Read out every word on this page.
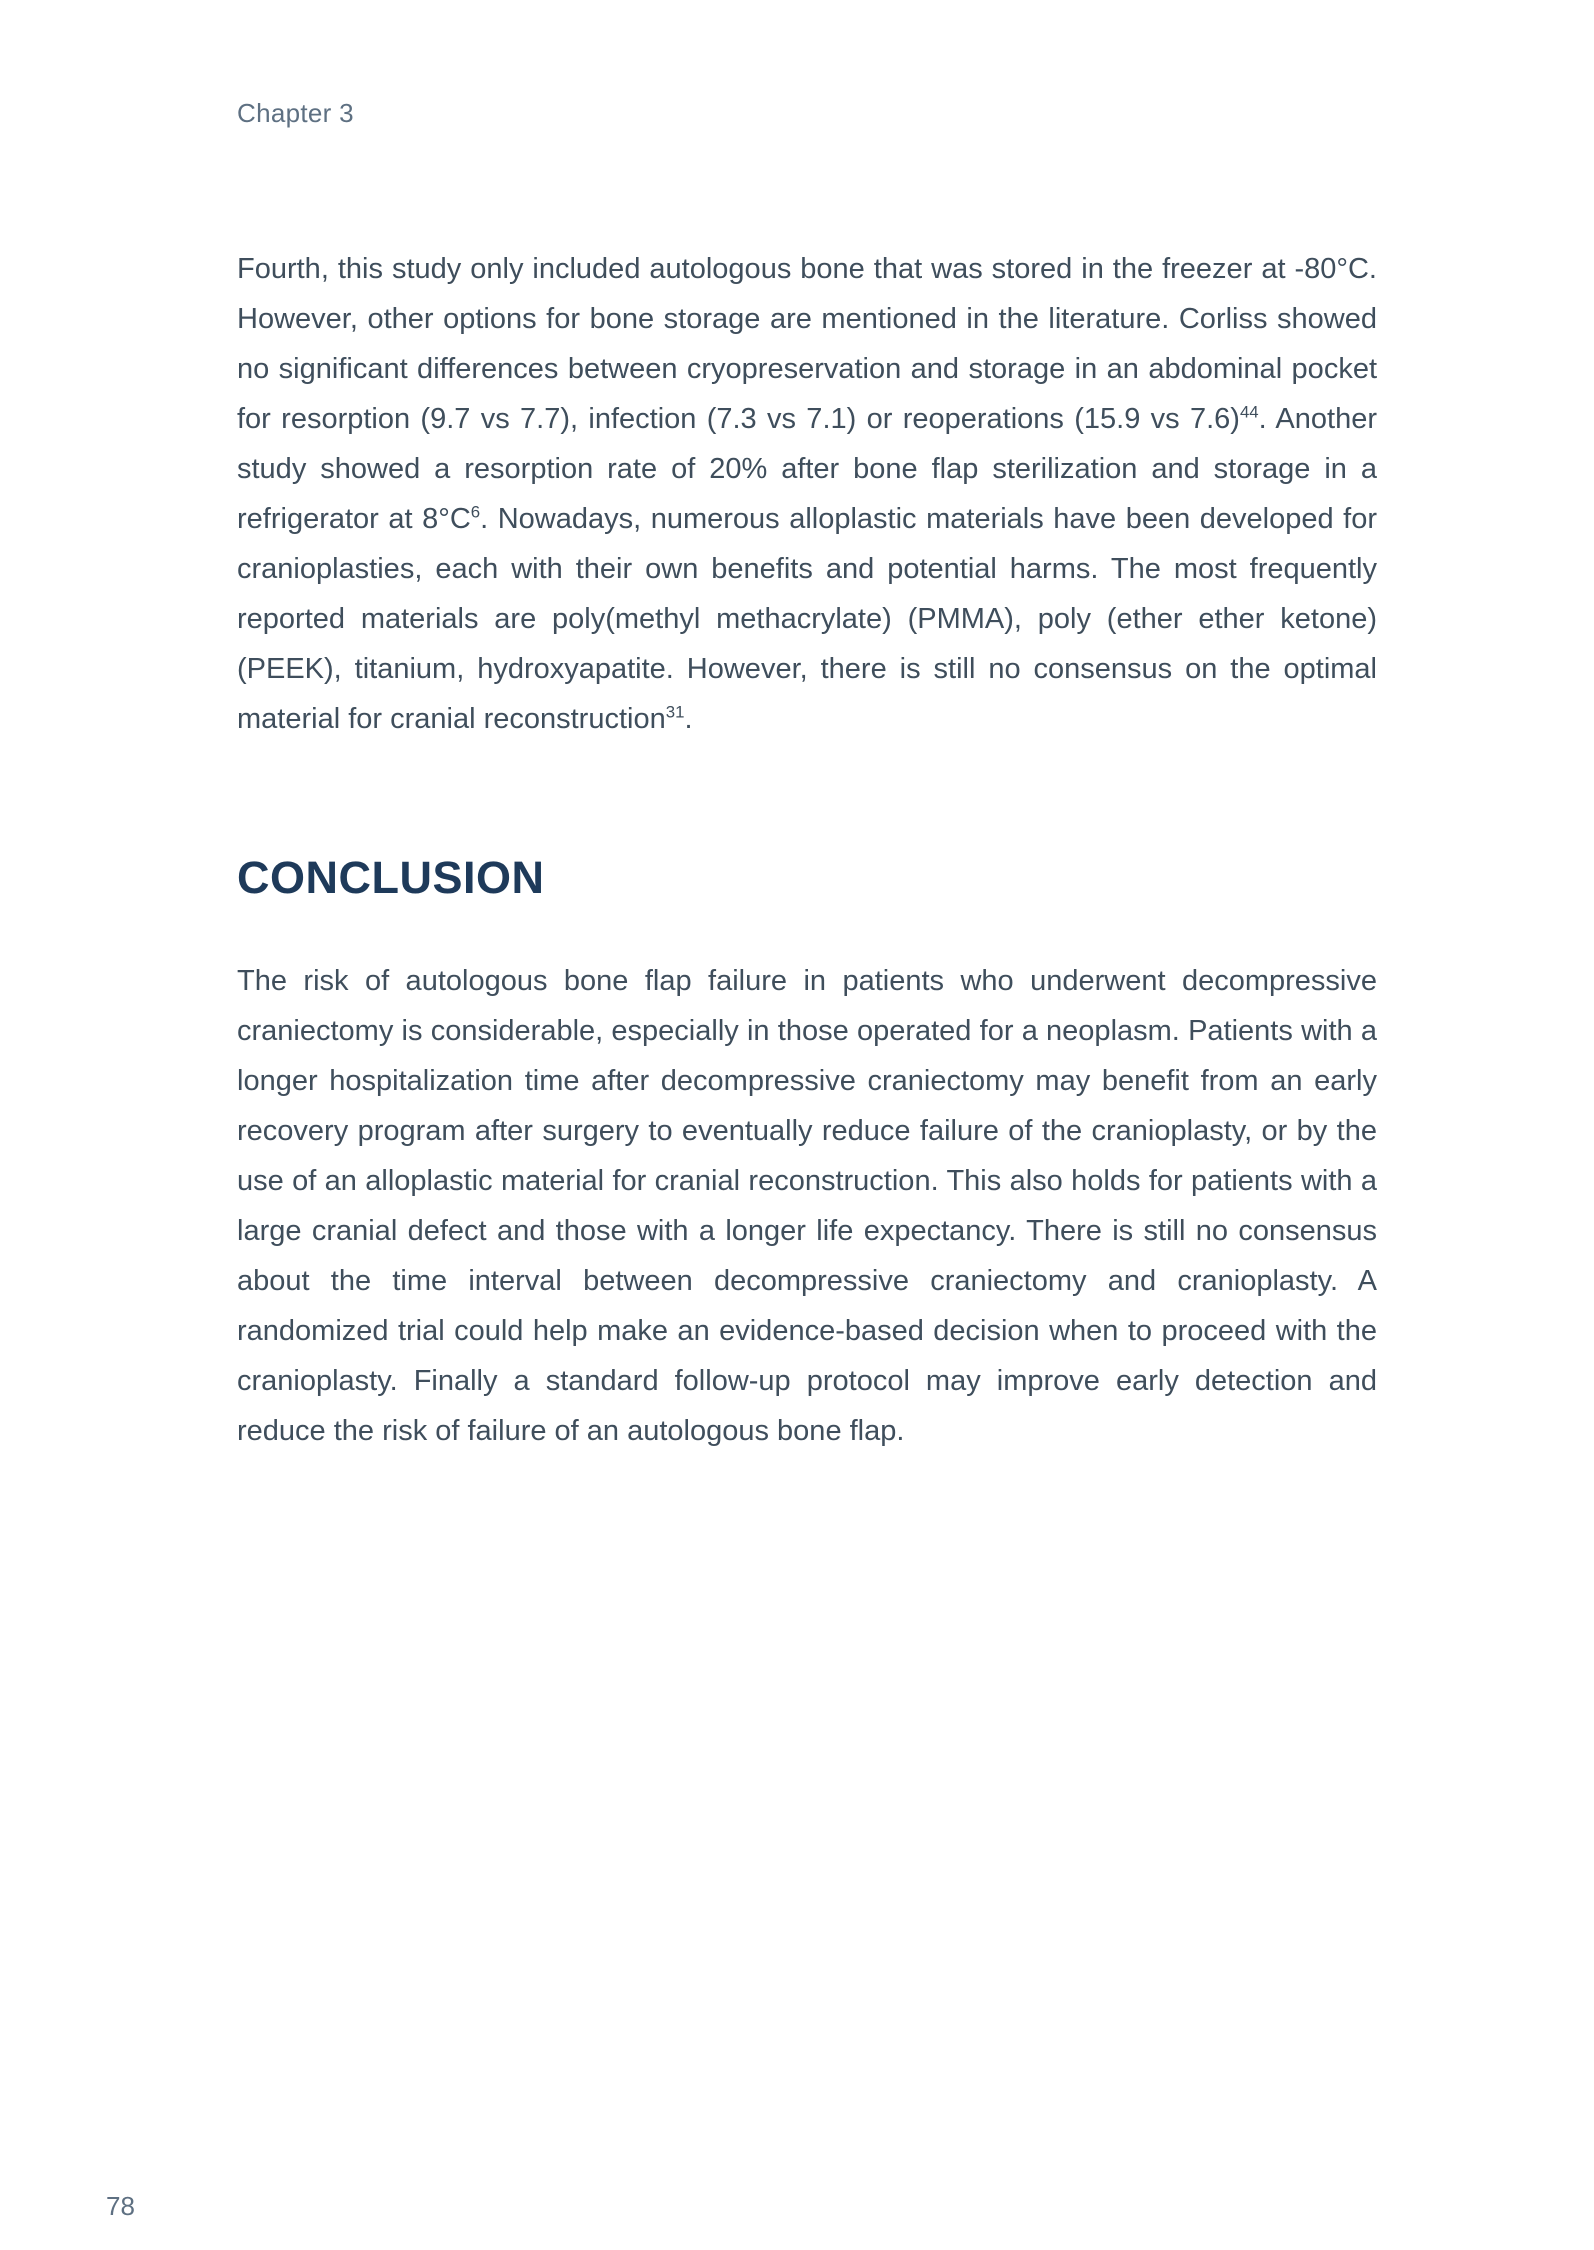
Chapter 3

Fourth, this study only included autologous bone that was stored in the freezer at -80°C. However, other options for bone storage are mentioned in the literature. Corliss showed no significant differences between cryopreservation and storage in an abdominal pocket for resorption (9.7 vs 7.7), infection (7.3 vs 7.1) or reoperations (15.9 vs 7.6)$^{44}$. Another study showed a resorption rate of 20% after bone flap sterilization and storage in a refrigerator at $8^\circ C^6$. Nowadays, numerous alloplastic materials have been developed for cranioplasties, each with their own benefits and potential harms. The most frequently reported materials are poly(methyl methacrylate) (PMMA), poly (ether ether ketone) (PEEK), titanium, hydroxyapatite. However, there is still no consensus on the optimal material for cranial reconstruction$^{31}$.

CONCLUSION

The risk of autologous bone flap failure in patients who underwent decompressive craniectomy is considerable, especially in those operated for a neoplasm. Patients with a longer hospitalization time after decompressive craniectomy may benefit from an early recovery program after surgery to eventually reduce failure of the cranioplasty, or by the use of an alloplastic material for cranial reconstruction. This also holds for patients with a large cranial defect and those with a longer life expectancy. There is still no consensus about the time interval between decompressive craniectomy and cranioplasty. A randomized trial could help make an evidence-based decision when to proceed with the cranioplasty. Finally a standard follow-up protocol may improve early detection and reduce the risk of failure of an autologous bone flap.

78
